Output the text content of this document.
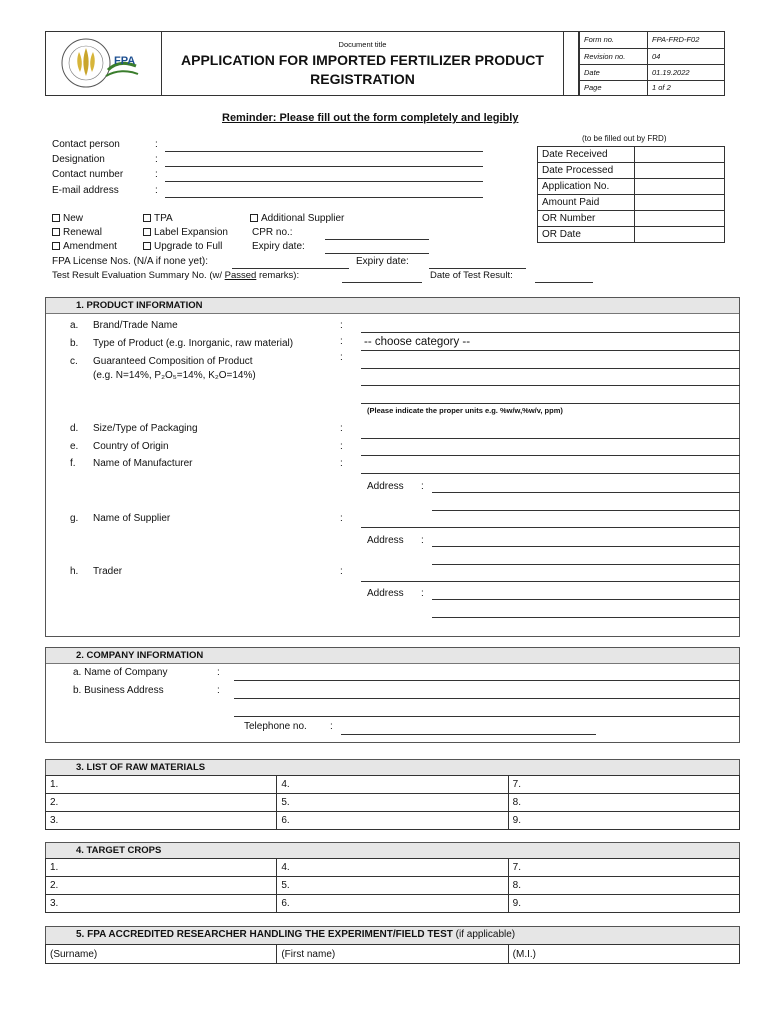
FPA
Document title
APPLICATION FOR IMPORTED FERTILIZER PRODUCT
REGISTRATION
Form no.	FPA-FRD-F02
Revision no.	04
Date	01.19.2022
Page	1 of 2
Reminder: Please fill out the form completely and legibly
Contact person	:
Designation	:
Contact number	:
E-mail address	:
(to be filled out by FRD)
Date Received	
Date Processed	
Application No.	
Amount Paid	
OR Number	
OR Date	
New
Renewal
Amendment
TPA
Label Expansion
Upgrade to Full
Additional Supplier
CPR no.:
Expiry date:
FPA License Nos. (N/A if none yet):	Expiry date:
Test Result Evaluation Summary No. (w/ Passed remarks):	Date of Test Result:
1. PRODUCT INFORMATION
a. Brand/Trade Name	:
b. Type of Product (e.g. Inorganic, raw material)	: -- choose category --
c. Guaranteed Composition of Product
(e.g. N=14%, P₂O₅=14%, K₂O=14%)
:
(Please indicate the proper units e.g. %w/w,%w/v, ppm)
d. Size/Type of Packaging	:
e. Country of Origin	:
f. Name of Manufacturer	:
Address :
g. Name of Supplier	:
Address :
h. Trader	:
Address :
2. COMPANY INFORMATION
a. Name of Company	:
b. Business Address	:
Telephone no. :
3. LIST OF RAW MATERIALS
1.	4.	7.
2.	5.	8.
3.	6.	9.
4. TARGET CROPS
1.	4.	7.
2.	5.	8.
3.	6.	9.
5. FPA ACCREDITED RESEARCHER HANDLING THE EXPERIMENT/FIELD TEST (if applicable)
(Surname)	(First name)	(M.I.)
